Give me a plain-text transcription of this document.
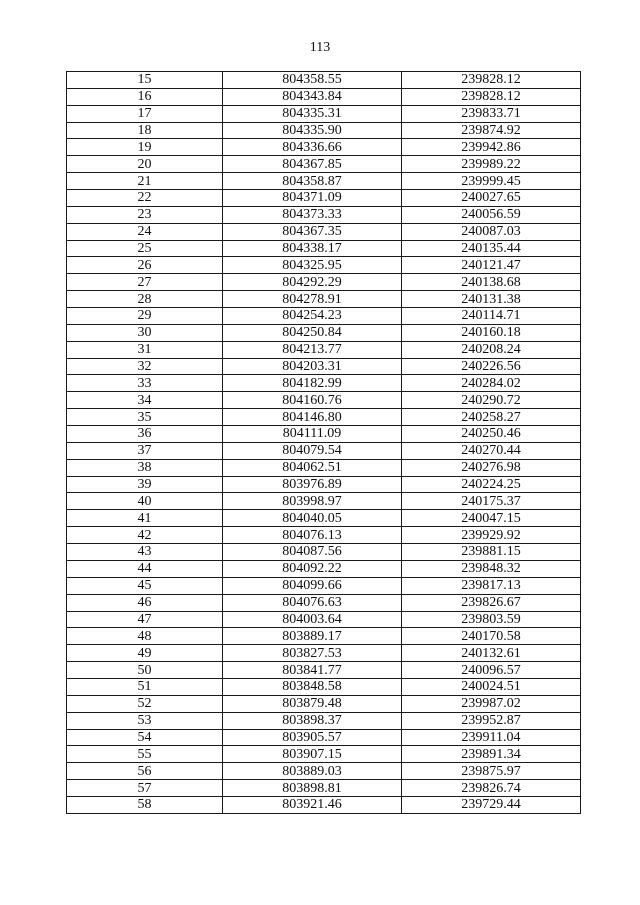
113
15	804358.55	239828.12
16	804343.84	239828.12
17	804335.31	239833.71
18	804335.90	239874.92
19	804336.66	239942.86
20	804367.85	239989.22
21	804358.87	239999.45
22	804371.09	240027.65
23	804373.33	240056.59
24	804367.35	240087.03
25	804338.17	240135.44
26	804325.95	240121.47
27	804292.29	240138.68
28	804278.91	240131.38
29	804254.23	240114.71
30	804250.84	240160.18
31	804213.77	240208.24
32	804203.31	240226.56
33	804182.99	240284.02
34	804160.76	240290.72
35	804146.80	240258.27
36	804111.09	240250.46
37	804079.54	240270.44
38	804062.51	240276.98
39	803976.89	240224.25
40	803998.97	240175.37
41	804040.05	240047.15
42	804076.13	239929.92
43	804087.56	239881.15
44	804092.22	239848.32
45	804099.66	239817.13
46	804076.63	239826.67
47	804003.64	239803.59
48	803889.17	240170.58
49	803827.53	240132.61
50	803841.77	240096.57
51	803848.58	240024.51
52	803879.48	239987.02
53	803898.37	239952.87
54	803905.57	239911.04
55	803907.15	239891.34
56	803889.03	239875.97
57	803898.81	239826.74
58	803921.46	239729.44
